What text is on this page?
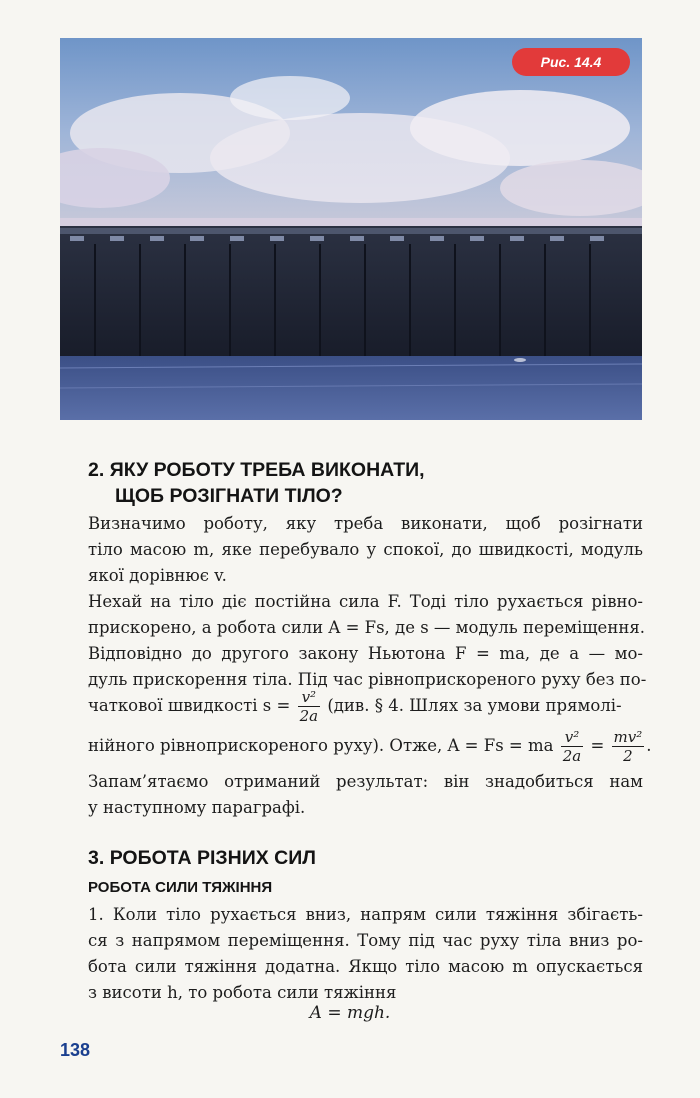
Рис. 14.4
2. ЯКУ РОБОТУ ТРЕБА ВИКОНАТИ,
ЩОБ РОЗІГНАТИ ТІЛО?
Визначимо роботу, яку треба виконати, щоб розігнати
тіло масою m, яке перебувало у спокої, до швидкості, модуль
якої дорівнює v.
Нехай на тіло діє постійна сила F. Тоді тіло рухається рівно-
прискорено, а робота сили A = Fs, де s — модуль переміщення.
Відповідно до другого закону Ньютона F = ma, де a — мо-
дуль прискорення тіла. Під час рівноприскореного руху без по-
чаткової швидкості $s = \frac{\text{v²}}{2a} (див$. § 4. Шлях за умови прямолі-
нійного рівноприскореного руху). Отже, A = Fs = ma $\frac{\text{v²}}{2a} = \frac{\text{mv²}}{2}$ .
Запам’ятаємо отриманий результат: він знадобиться нам
у наступному параграфі.
3. РОБОТА РІЗНИХ СИЛ
РОБОТА СИЛИ ТЯЖІННЯ
1. Коли тіло рухається вниз, напрям сили тяжіння збігаєть-
ся з напрямом переміщення. Тому під час руху тіла вниз ро-
бота сили тяжіння додатна. Якщо тіло масою m опускається
з висоти h, то робота сили тяжіння
A = mgh.
138
